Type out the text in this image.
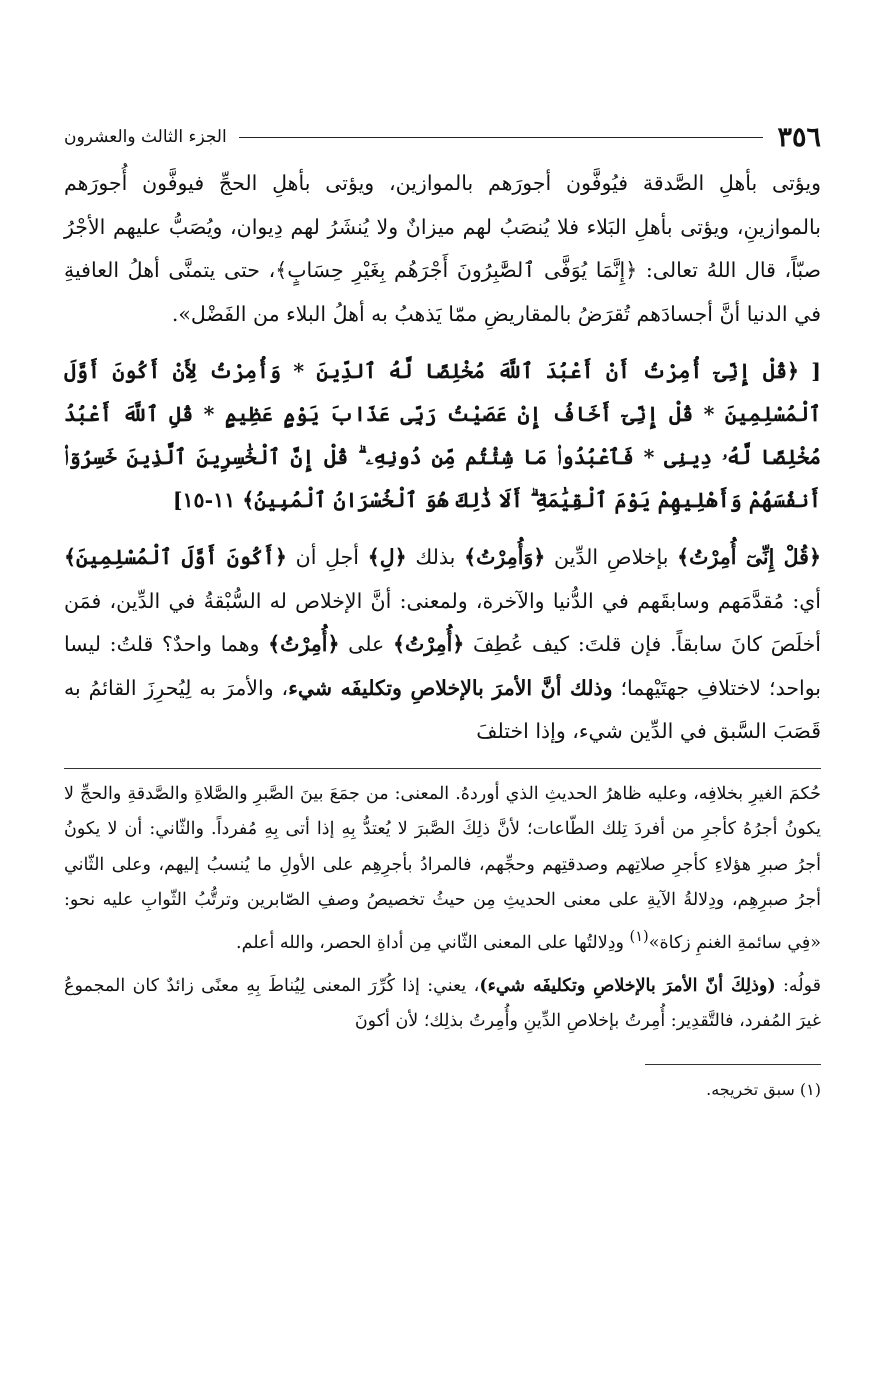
٣٥٦
الجزء الثالث والعشرون

ويؤتى بأهلِ الصَّدقة فيُوفَّون أجورَهم بالموازين، ويؤتى بأهلِ الحجِّ فيوفَّون أُجورَهم بالموازينِ، ويؤتى بأهلِ البَلاء فلا يُنصَبُ لهم ميزانٌ ولا يُنشَرُ لهم دِيوان، ويُصَبُّ عليهم الأجْرُ صبّاً، قال اللهُ تعالى: ﴿إِنَّمَا يُوَفَّى ٱلصَّٰبِرُونَ أَجْرَهُم بِغَيْرِ حِسَابٍ﴾، حتى يتمنَّى أهلُ العافيةِ في الدنيا أنَّ أجسادَهم تُقرَضُ بالمقاريضِ ممّا يَذهبُ به أهلُ البلاء من الفَضْل».

[ ﴿قُلْ إِنِّىٓ أُمِرْتُ أَنْ أَعْبُدَ ٱللَّهَ مُخْلِصًا لَّهُ ٱلدِّينَ * وَأُمِرْتُ لِأَنْ أَكُونَ أَوَّلَ ٱلْمُسْلِمِينَ * قُلْ إِنِّىٓ أَخَافُ إِنْ عَصَيْتُ رَبِّى عَذَابَ يَوْمٍ عَظِيمٍ * قُلِ ٱللَّهَ أَعْبُدُ مُخْلِصًا لَّهُۥ دِينِى * فَٱعْبُدُوا۟ مَا شِئْتُم مِّن دُونِهِۦ ۗ قُلْ إِنَّ ٱلْخَٰسِرِينَ ٱلَّذِينَ خَسِرُوٓا۟ أَنفُسَهُمْ وَأَهْلِيهِمْ يَوْمَ ٱلْقِيَٰمَةِ ۗ أَلَا ذَٰلِكَ هُوَ ٱلْخُسْرَانُ ٱلْمُبِينُ﴾ ١١-١٥]

﴿قُلْ إِنِّىٓ أُمِرْتُ﴾ بإخلاصِ الدِّين ﴿وَأُمِرْتُ﴾ بذلك ﴿لِ﴾ أجلِ أن ﴿أَكُونَ أَوَّلَ ٱلْمُسْلِمِينَ﴾ أي: مُقدَّمَهم وسابقَهم في الدُّنيا والآخرة، ولمعنى: أنَّ الإخلاص له السُّبْقةُ في الدِّين، فمَن أخلَصَ كانَ سابقاً. فإن قلتَ: كيف عُطِفَ ﴿أُمِرْتُ﴾ على ﴿أُمِرْتُ﴾ وهما واحدٌ؟ قلتُ: ليسا بواحد؛ لاختلافِ جهتَيْهما؛ وذلك أنَّ الأمرَ بالإخلاصِ وتكليفَه شيء، والأمرَ به لِيُحرِزَ القائمُ به قَصَبَ السَّبق في الدِّين شيء، وإذا اختلفَ

حُكمَ الغيرِ بخلافِه، وعليه ظاهرُ الحديثِ الذي أوردهُ. المعنى: من جمَعَ بينَ الصَّبرِ والصَّلاةِ والصَّدقةِ والحجِّ لا يكونُ أجرُهُ كأجرِ من أفردَ تِلك الطّاعات؛ لأنَّ ذلِكَ الصَّبرَ لا يُعتدُّ بِهِ إذا أتى بِهِ مُفرداً. والثّاني: أن لا يكونُ أجرُ صبرِ هؤلاءِ كأجرِ صلاتِهم وصدقتِهم وحجِّهم، فالمرادُ بأجرِهِم على الأولِ ما يُنسبُ إليهم، وعلى الثّاني أجرُ صبرِهِم، ودِلالةُ الآيةِ على معنى الحديثِ مِن حيثُ تخصيصُ وصفِ الصّابرين وترتُّبُ الثّوابِ عليه نحو: «فِي سائمةِ الغنمِ زكاة»$^{(١)}$ ودِلالتُها على المعنى الثّاني مِن أداةِ الحصر، والله أعلم.

قولُه: (وذلِكَ أنّ الأمرَ بالإخلاصِ وتكليفَه شيء)، يعني: إذا كُرِّرَ المعنى لِيُناطَ بِهِ معنًى زائدٌ كان المجموعُ غيرَ المُفرد، فالتَّقدِير: أُمِرتُ بإخلاصِ الدِّينِ وأُمِرتُ بذلِك؛ لأن أكونَ

(١) سبق تخريجه.
